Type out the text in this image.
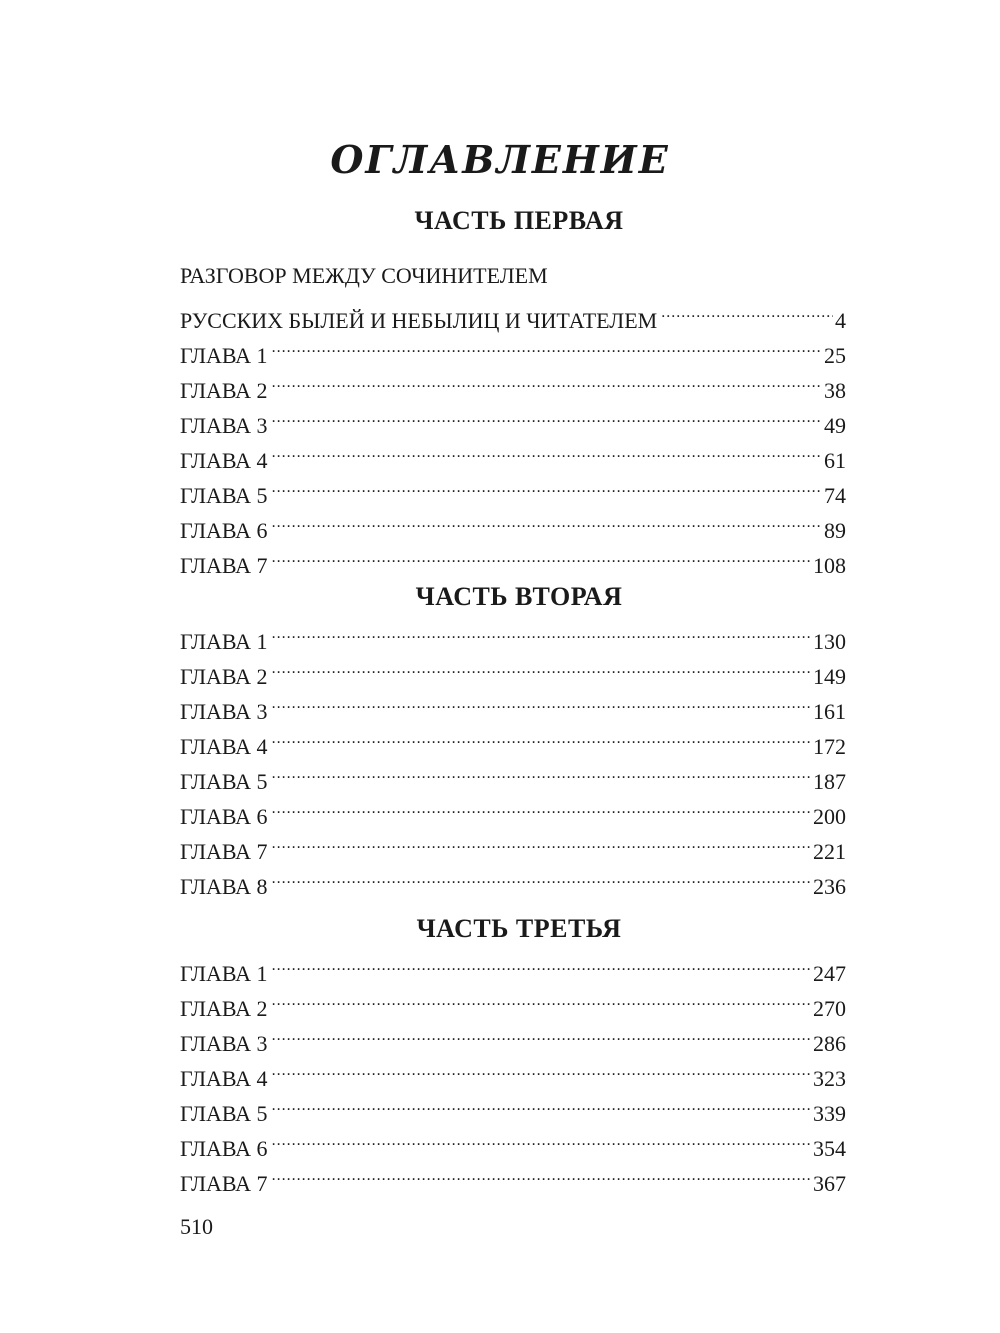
ОГЛАВЛЕНИЕ
ЧАСТЬ ПЕРВАЯ
РАЗГОВОР МЕЖДУ СОЧИНИТЕЛЕМ
РУССКИХ БЫЛЕЙ И НЕБЫЛИЦ И ЧИТАТЕЛЕМ .....	4
ГЛАВА 1 .....	25
ГЛАВА 2 .....	38
ГЛАВА 3 .....	49
ГЛАВА 4 .....	61
ГЛАВА 5 .....	74
ГЛАВА 6 .....	89
ГЛАВА 7 .....	108
ЧАСТЬ ВТОРАЯ
ГЛАВА 1 .....	130
ГЛАВА 2 .....	149
ГЛАВА 3 .....	161
ГЛАВА 4 .....	172
ГЛАВА 5 .....	187
ГЛАВА 6 .....	200
ГЛАВА 7 .....	221
ГЛАВА 8 .....	236
ЧАСТЬ ТРЕТЬЯ
ГЛАВА 1 .....	247
ГЛАВА 2 .....	270
ГЛАВА 3 .....	286
ГЛАВА 4 .....	323
ГЛАВА 5 .....	339
ГЛАВА 6 .....	354
ГЛАВА 7 .....	367
510
